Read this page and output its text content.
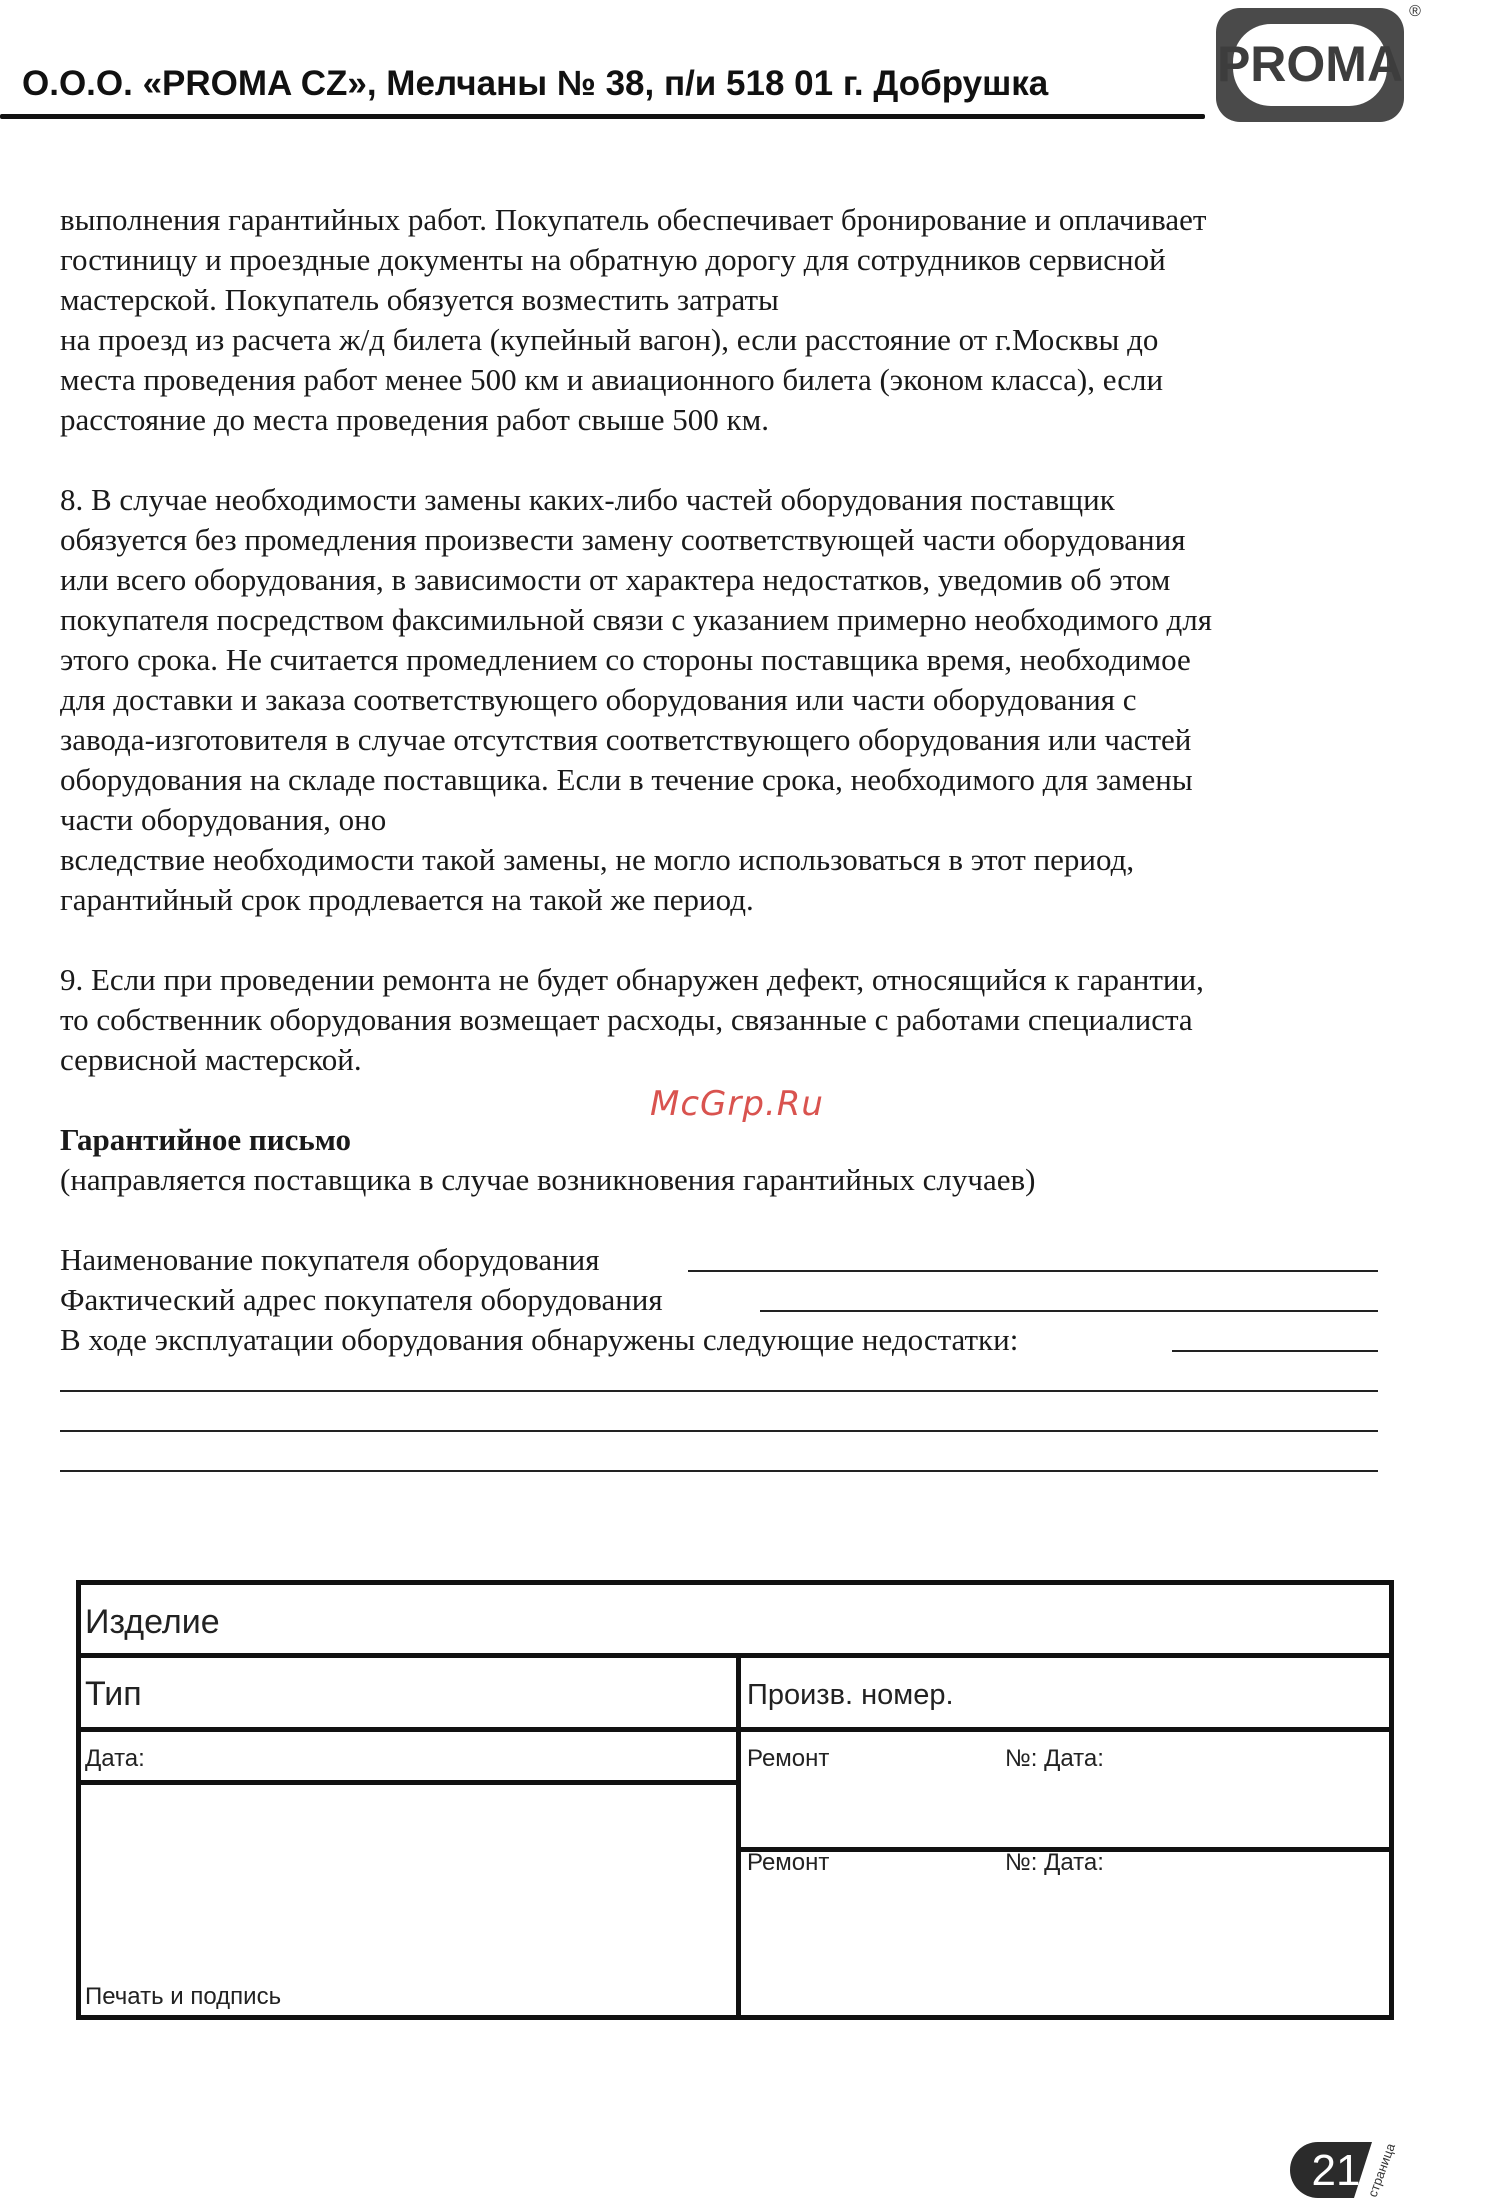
О.О.О. «PROMA CZ», Мелчаны № 38, п/и 518 01 г. Добрушка	PROMA
®
выполнения гарантийных работ. Покупатель обеспечивает бронирование и оплачивает
гостиницу и проездные документы на обратную дорогу для сотрудников сервисной
мастерской. Покупатель обязуется возместить затраты
на проезд из расчета ж/д билета (купейный вагон), если расстояние от г.Москвы до
места проведения работ менее 500 км и авиационного билета (эконом класса), если
расстояние до места проведения работ свыше 500 км.
8. В случае необходимости замены каких-либо частей оборудования поставщик
обязуется без промедления произвести замену соответствующей части оборудования
или всего оборудования, в зависимости от характера недостатков, уведомив об этом
покупателя посредством факсимильной связи с указанием примерно необходимого для
этого срока. Не считается промедлением со стороны поставщика время, необходимое
для доставки и заказа соответствующего оборудования или части оборудования с
завода-изготовителя в случае отсутствия соответствующего оборудования или частей
оборудования на складе поставщика. Если в течение срока, необходимого для замены
части оборудования, оно
вследствие необходимости такой замены, не могло использоваться в этот период,
гарантийный срок продлевается на такой же период.
9. Если при проведении ремонта не будет обнаружен дефект, относящийся к гарантии,
то собственник оборудования возмещает расходы, связанные с работами специалиста
сервисной мастерской.
Гарантийное письмо
(направляется поставщика в случае возникновения гарантийных случаев)
Наименование покупателя оборудования
Фактический адрес покупателя оборудования
В ходе эксплуатации оборудования обнаружены следующие недостатки:
McGrp.Ru
Изделие
Тип	Произв. номер.
Дата:	Ремонт	№: Дата:
Ремонт	№: Дата:
Печать и подпись
21 страница
